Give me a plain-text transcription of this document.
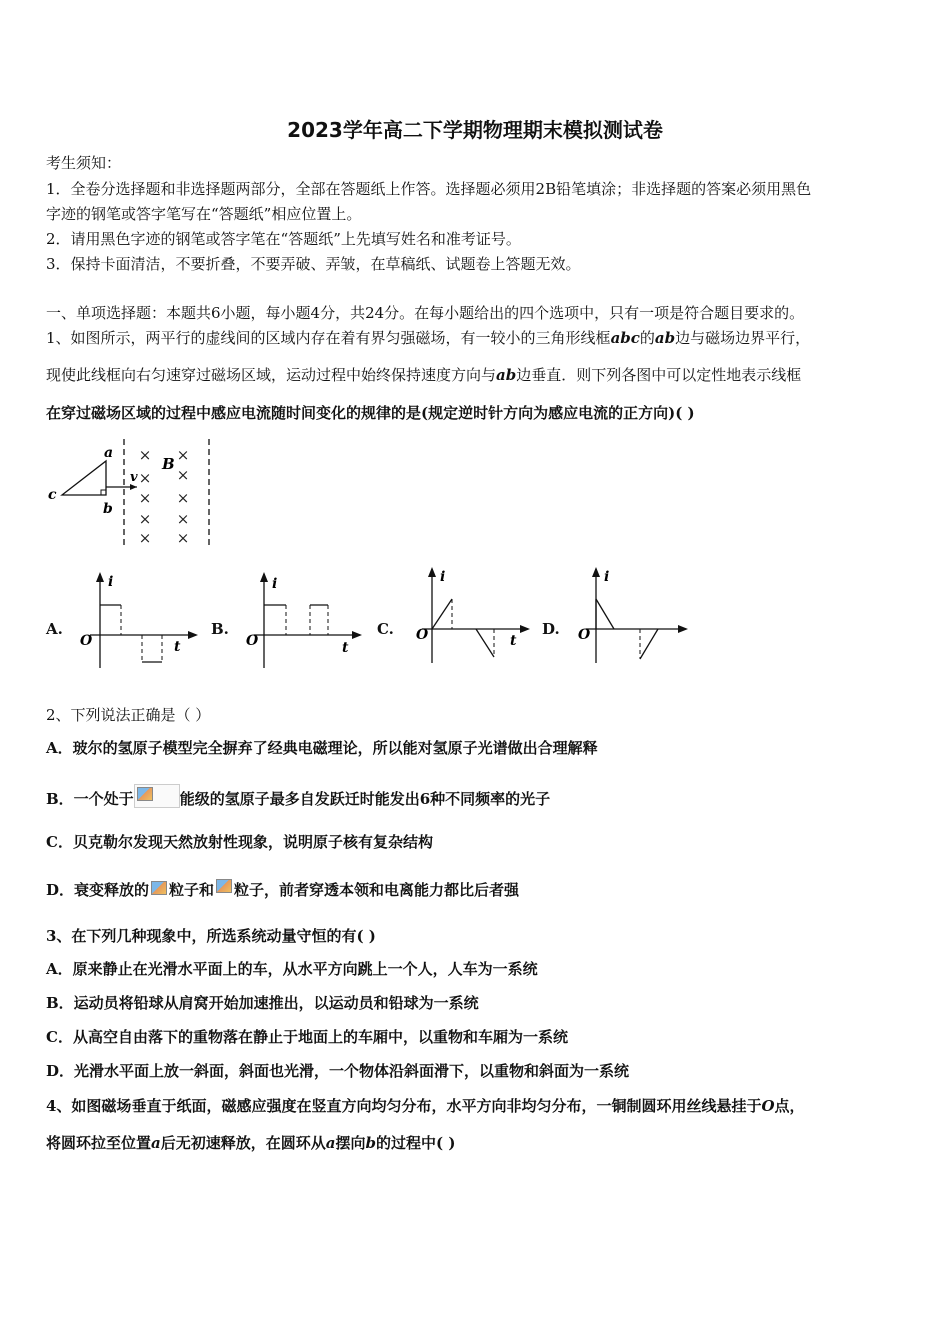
2023学年高二下学期物理期末模拟测试卷
考生须知：
1．全卷分选择题和非选择题两部分，全部在答题纸上作答。选择题必须用2B铅笔填涂；非选择题的答案必须用黑色
字迹的钢笔或答字笔写在“答题纸”相应位置上。
2．请用黑色字迹的钢笔或答字笔在“答题纸”上先填写姓名和准考证号。
3．保持卡面清洁，不要折叠，不要弄破、弄皱，在草稿纸、试题卷上答题无效。
一、单项选择题：本题共6小题，每小题4分，共24分。在每小题给出的四个选项中，只有一项是符合题目要求的。
1、如图所示，两平行的虚线间的区域内存在着有界匀强磁场，有一较小的三角形线框abc的ab边与磁场边界平行，
现使此线框向右匀速穿过磁场区域，运动过程中始终保持速度方向与ab边垂直．则下列各图中可以定性地表示线框
在穿过磁场区域的过程中感应电流随时间变化的规律的是(规定逆时针方向为感应电流的正方向)( )
a
b
c
v
B
× ×
×
×
× ×
× ×
× ×
A.
i
t
O
B.
i
t
O
C.
i
t
O	D.
i
O
2、下列说法正确是（ ）
A．玻尔的氢原子模型完全摒弃了经典电磁理论，所以能对氢原子光谱做出合理解释
B．一个处于	能级的氢原子最多自发跃迁时能发出6种不同频率的光子
C．贝克勒尔发现天然放射性现象，说明原子核有复杂结构
D．衰变释放的 粒子和 粒子，前者穿透本领和电离能力都比后者强
3、在下列几种现象中，所选系统动量守恒的有( )
A．原来静止在光滑水平面上的车，从水平方向跳上一个人，人车为一系统
B．运动员将铅球从肩窝开始加速推出，以运动员和铅球为一系统
C．从高空自由落下的重物落在静止于地面上的车厢中，以重物和车厢为一系统
D．光滑水平面上放一斜面，斜面也光滑，一个物体沿斜面滑下，以重物和斜面为一系统
4、如图磁场垂直于纸面，磁感应强度在竖直方向均匀分布，水平方向非均匀分布，一铜制圆环用丝线悬挂于O点，
将圆环拉至位置a后无初速释放，在圆环从a摆向b的过程中( )
